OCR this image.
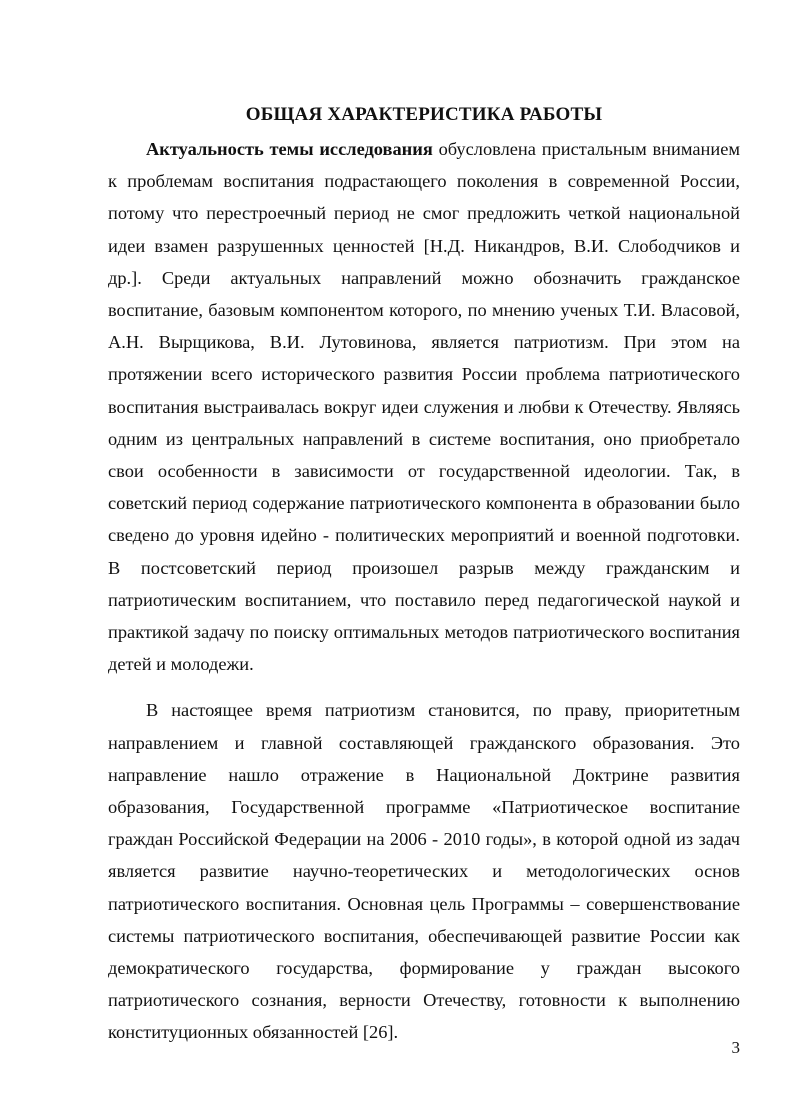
ОБЩАЯ ХАРАКТЕРИСТИКА РАБОТЫ

Актуальность темы исследования обусловлена пристальным вниманием к проблемам воспитания подрастающего поколения в современной России, потому что перестроечный период не смог предложить четкой национальной идеи взамен разрушенных ценностей [Н.Д. Никандров, В.И. Слободчиков и др.]. Среди актуальных направлений можно обозначить гражданское воспитание, базовым компонентом которого, по мнению ученых Т.И. Власовой, А.Н. Вырщикова, В.И. Лутовинова, является патриотизм. При этом на протяжении всего исторического развития России проблема патриотического воспитания выстраивалась вокруг идеи служения и любви к Отечеству. Являясь одним из центральных направлений в системе воспитания, оно приобретало свои особенности в зависимости от государственной идеологии. Так, в советский период содержание патриотического компонента в образовании было сведено до уровня идейно - политических мероприятий и военной подготовки. В постсоветский период произошел разрыв между гражданским и патриотическим воспитанием, что поставило перед педагогической наукой и практикой задачу по поиску оптимальных методов патриотического воспитания детей и молодежи.

В настоящее время патриотизм становится, по праву, приоритетным направлением и главной составляющей гражданского образования. Это направление нашло отражение в Национальной Доктрине развития образования, Государственной программе «Патриотическое воспитание граждан Российской Федерации на 2006 - 2010 годы», в которой одной из задач является развитие научно-теоретических и методологических основ патриотического воспитания. Основная цель Программы – совершенствование системы патриотического воспитания, обеспечивающей развитие России как демократического государства, формирование у граждан высокого патриотического сознания, верности Отечеству, готовности к выполнению конституционных обязанностей [26].

3
